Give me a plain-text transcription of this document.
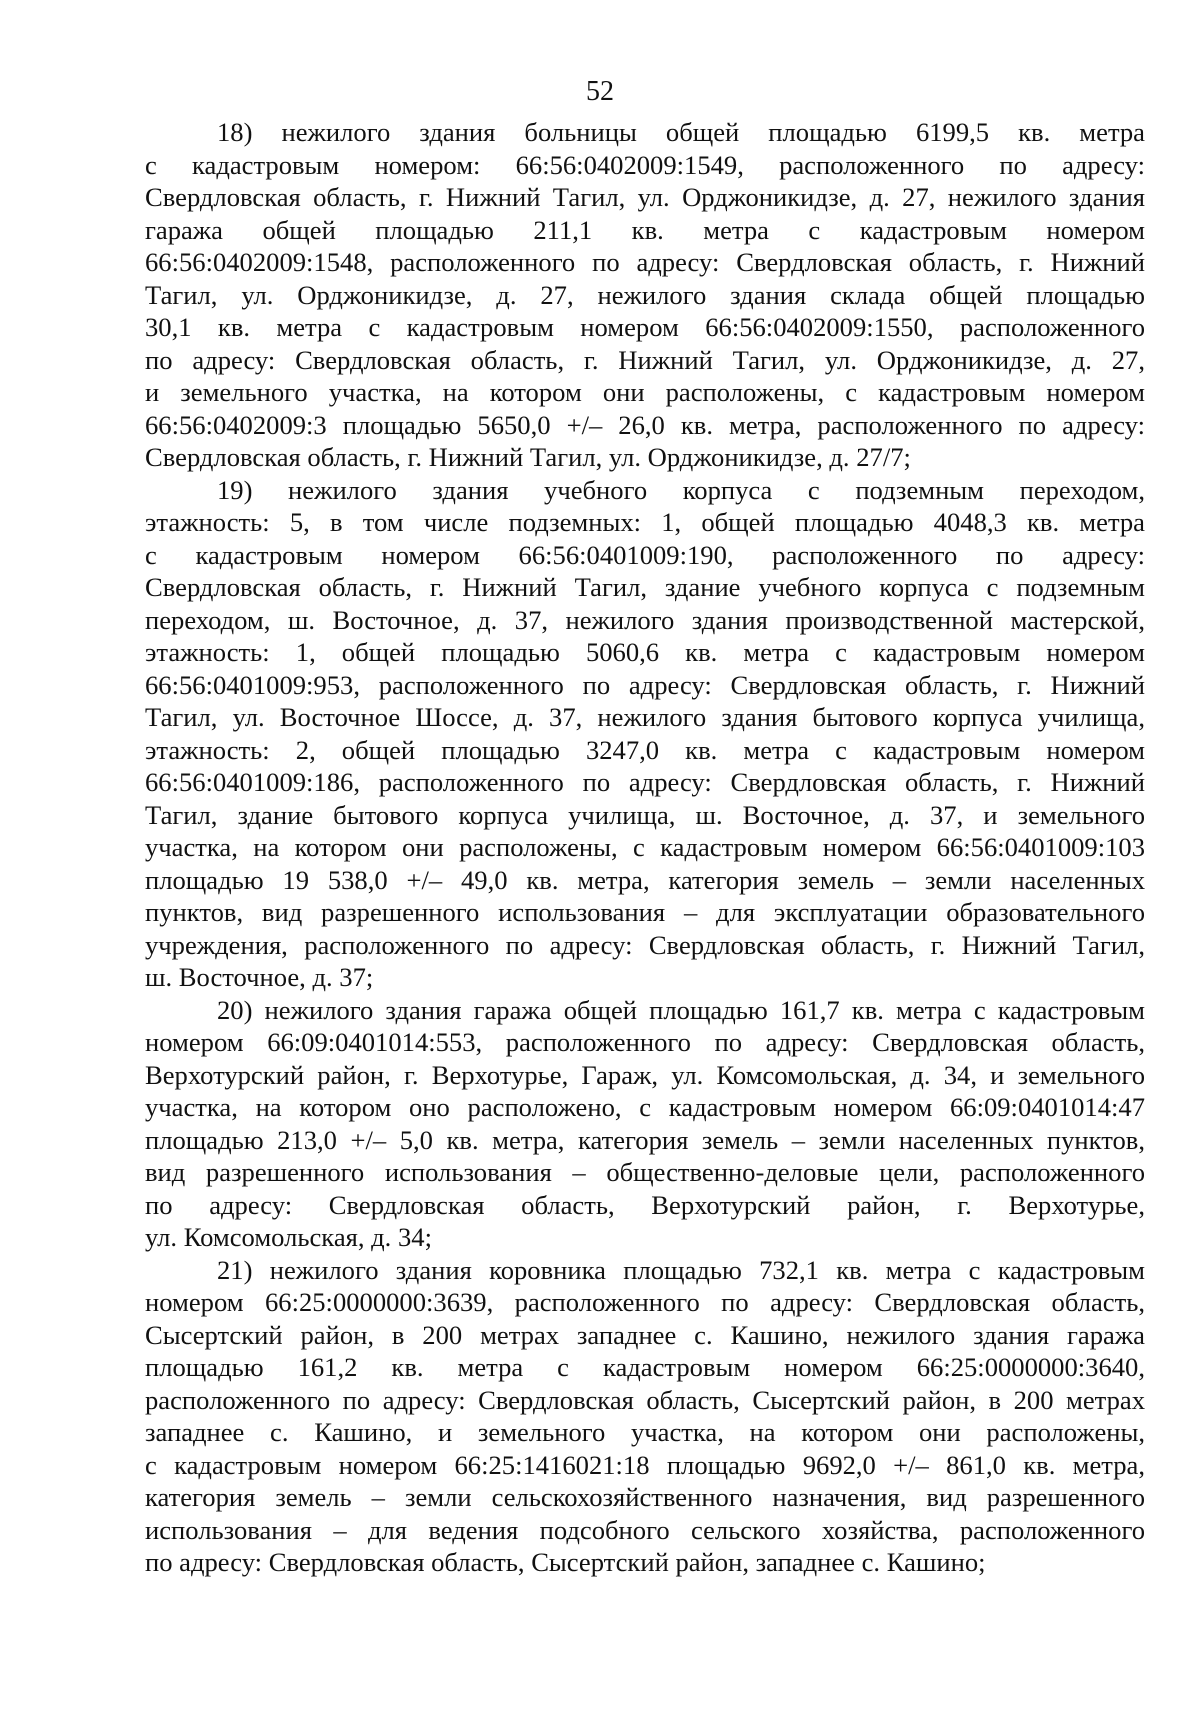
52
18) нежилого здания больницы общей площадью 6199,5 кв. метра
с кадастровым номером: 66:56:0402009:1549, расположенного по адресу:
Свердловская область, г. Нижний Тагил, ул. Орджоникидзе, д. 27, нежилого здания
гаража общей площадью 211,1 кв. метра с кадастровым номером
66:56:0402009:1548, расположенного по адресу: Свердловская область, г. Нижний
Тагил, ул. Орджоникидзе, д. 27, нежилого здания склада общей площадью
30,1 кв. метра с кадастровым номером 66:56:0402009:1550, расположенного
по адресу: Свердловская область, г. Нижний Тагил, ул. Орджоникидзе, д. 27,
и земельного участка, на котором они расположены, с кадастровым номером
66:56:0402009:3 площадью 5650,0 +/– 26,0 кв. метра, расположенного по адресу:
Свердловская область, г. Нижний Тагил, ул. Орджоникидзе, д. 27/7;
19) нежилого здания учебного корпуса с подземным переходом,
этажность: 5, в том числе подземных: 1, общей площадью 4048,3 кв. метра
с кадастровым номером 66:56:0401009:190, расположенного по адресу:
Свердловская область, г. Нижний Тагил, здание учебного корпуса с подземным
переходом, ш. Восточное, д. 37, нежилого здания производственной мастерской,
этажность: 1, общей площадью 5060,6 кв. метра с кадастровым номером
66:56:0401009:953, расположенного по адресу: Свердловская область, г. Нижний
Тагил, ул. Восточное Шоссе, д. 37, нежилого здания бытового корпуса училища,
этажность: 2, общей площадью 3247,0 кв. метра с кадастровым номером
66:56:0401009:186, расположенного по адресу: Свердловская область, г. Нижний
Тагил, здание бытового корпуса училища, ш. Восточное, д. 37, и земельного
участка, на котором они расположены, с кадастровым номером 66:56:0401009:103
площадью 19 538,0 +/– 49,0 кв. метра, категория земель – земли населенных
пунктов, вид разрешенного использования – для эксплуатации образовательного
учреждения, расположенного по адресу: Свердловская область, г. Нижний Тагил,
ш. Восточное, д. 37;
20) нежилого здания гаража общей площадью 161,7 кв. метра с кадастровым
номером 66:09:0401014:553, расположенного по адресу: Свердловская область,
Верхотурский район, г. Верхотурье, Гараж, ул. Комсомольская, д. 34, и земельного
участка, на котором оно расположено, с кадастровым номером 66:09:0401014:47
площадью 213,0 +/– 5,0 кв. метра, категория земель – земли населенных пунктов,
вид разрешенного использования – общественно-деловые цели, расположенного
по адресу: Свердловская область, Верхотурский район, г. Верхотурье,
ул. Комсомольская, д. 34;
21) нежилого здания коровника площадью 732,1 кв. метра с кадастровым
номером 66:25:0000000:3639, расположенного по адресу: Свердловская область,
Сысертский район, в 200 метрах западнее с. Кашино, нежилого здания гаража
площадью 161,2 кв. метра с кадастровым номером 66:25:0000000:3640,
расположенного по адресу: Свердловская область, Сысертский район, в 200 метрах
западнее с. Кашино, и земельного участка, на котором они расположены,
с кадастровым номером 66:25:1416021:18 площадью 9692,0 +/– 861,0 кв. метра,
категория земель – земли сельскохозяйственного назначения, вид разрешенного
использования – для ведения подсобного сельского хозяйства, расположенного
по адресу: Свердловская область, Сысертский район, западнее с. Кашино;
